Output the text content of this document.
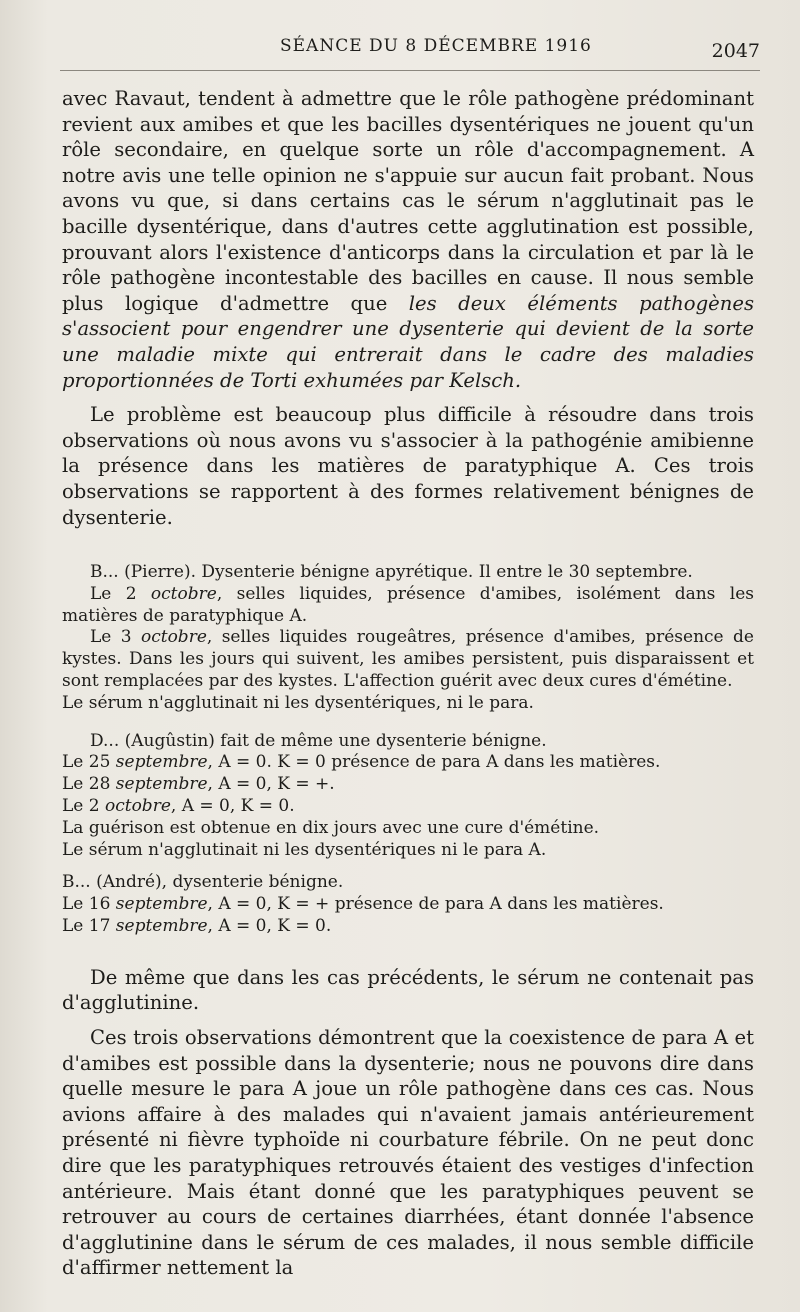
SÉANCE DU 8 DÉCEMBRE 1916	2047

avec Ravaut, tendent à admettre que le rôle pathogène prédominant revient aux amibes et que les bacilles dysentériques ne jouent qu'un rôle secondaire, en quelque sorte un rôle d'accompagnement. A notre avis une telle opinion ne s'appuie sur aucun fait probant. Nous avons vu que, si dans certains cas le sérum n'agglutinait pas le bacille dysentérique, dans d'autres cette agglutination est possible, prouvant alors l'existence d'anticorps dans la circulation et par là le rôle pathogène incontestable des bacilles en cause. Il nous semble plus logique d'admettre que les deux éléments pathogènes s'associent pour engendrer une dysenterie qui devient de la sorte une maladie mixte qui entrerait dans le cadre des maladies proportionnées de Torti exhumées par Kelsch.

Le problème est beaucoup plus difficile à résoudre dans trois observations où nous avons vu s'associer à la pathogénie amibienne la présence dans les matières de paratyphique A. Ces trois observations se rapportent à des formes relativement bénignes de dysenterie.

B... (Pierre). Dysenterie bénigne apyrétique. Il entre le 30 septembre.

Le 2 octobre, selles liquides, présence d'amibes, isolément dans les matières de paratyphique A.

Le 3 octobre, selles liquides rougeâtres, présence d'amibes, présence de kystes. Dans les jours qui suivent, les amibes persistent, puis disparaissent et sont remplacées par des kystes. L'affection guérit avec deux cures d'émétine.

Le sérum n'agglutinait ni les dysentériques, ni le para.

D... (Augûstin) fait de même une dysenterie bénigne.

Le 25 septembre, A = 0. K = 0 présence de para A dans les matières.

Le 28 septembre, A = 0, K = +.

Le 2 octobre, A = 0, K = 0.

La guérison est obtenue en dix jours avec une cure d'émétine.

Le sérum n'agglutinait ni les dysentériques ni le para A.

B... (André), dysenterie bénigne.

Le 16 septembre, A = 0, K = + présence de para A dans les matières.

Le 17 septembre, A = 0, K = 0.

De même que dans les cas précédents, le sérum ne contenait pas d'agglutinine.

Ces trois observations démontrent que la coexistence de para A et d'amibes est possible dans la dysenterie; nous ne pouvons dire dans quelle mesure le para A joue un rôle pathogène dans ces cas. Nous avions affaire à des malades qui n'avaient jamais antérieurement présenté ni fièvre typhoïde ni courbature fébrile. On ne peut donc dire que les paratyphiques retrouvés étaient des vestiges d'infection antérieure. Mais étant donné que les paratyphiques peuvent se retrouver au cours de certaines diarrhées, étant donnée l'absence d'agglutinine dans le sérum de ces malades, il nous semble difficile d'affirmer nettement la
